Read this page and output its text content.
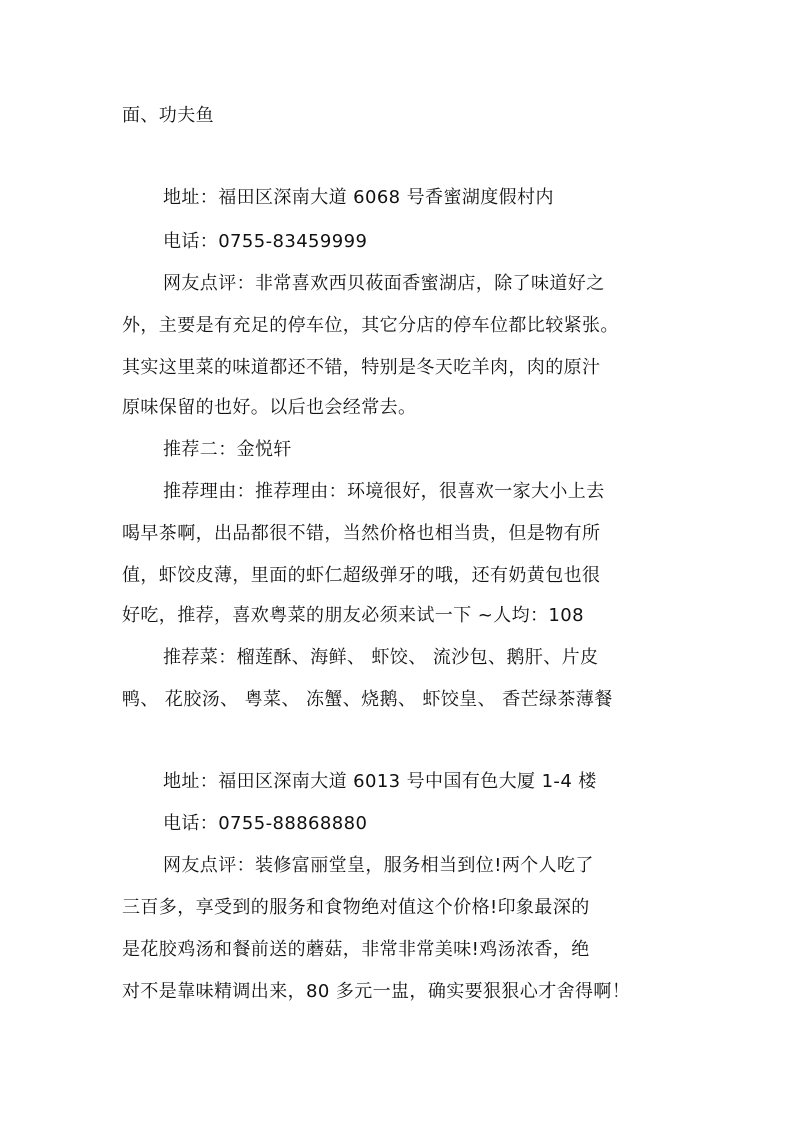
面、功夫鱼
地址：福田区深南大道 6068 号香蜜湖度假村内
电话：0755-83459999
网友点评：非常喜欢西贝莜面香蜜湖店，除了味道好之
外，主要是有充足的停车位，其它分店的停车位都比较紧张。
其实这里菜的味道都还不错，特别是冬天吃羊肉，肉的原汁
原味保留的也好。以后也会经常去。
推荐二：金悦轩
推荐理由：推荐理由：环境很好，很喜欢一家大小上去
喝早茶啊，出品都很不错，当然价格也相当贵，但是物有所
值，虾饺皮薄，里面的虾仁超级弹牙的哦，还有奶黄包也很
好吃，推荐，喜欢粤菜的朋友必须来试一下 ~人均：108
推荐菜：榴莲酥、海鲜、 虾饺、 流沙包、鹅肝、片皮
鸭、 花胶汤、 粤菜、 冻蟹、烧鹅、 虾饺皇、 香芒绿茶薄餐
地址：福田区深南大道 6013 号中国有色大厦 1-4 楼
电话：0755-88868880
网友点评：装修富丽堂皇，服务相当到位!两个人吃了
三百多，享受到的服务和食物绝对值这个价格!印象最深的
是花胶鸡汤和餐前送的蘑菇，非常非常美味!鸡汤浓香，绝
对不是靠味精调出来，80 多元一盅，确实要狠狠心才舍得啊！
